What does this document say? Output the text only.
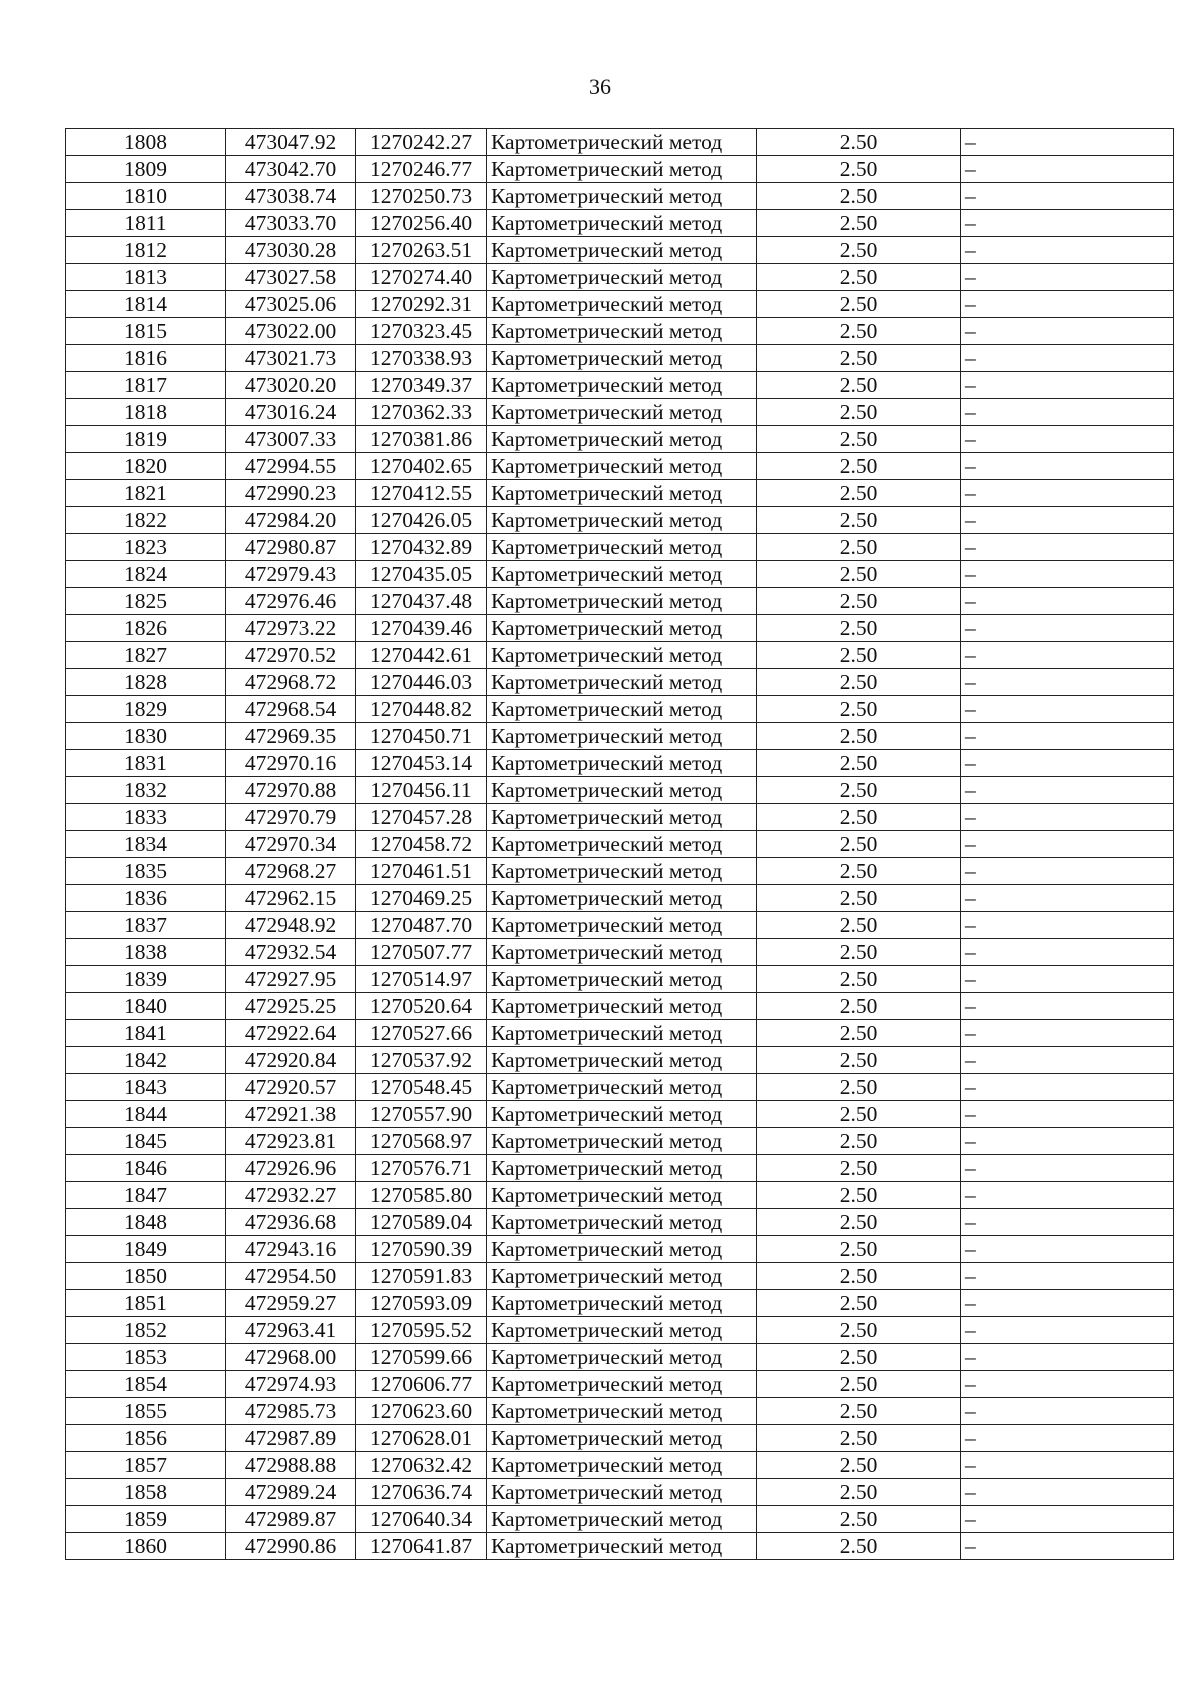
36
1808	473047.92	1270242.27	Картометрический метод	2.50	–
1809	473042.70	1270246.77	Картометрический метод	2.50	–
1810	473038.74	1270250.73	Картометрический метод	2.50	–
1811	473033.70	1270256.40	Картометрический метод	2.50	–
1812	473030.28	1270263.51	Картометрический метод	2.50	–
1813	473027.58	1270274.40	Картометрический метод	2.50	–
1814	473025.06	1270292.31	Картометрический метод	2.50	–
1815	473022.00	1270323.45	Картометрический метод	2.50	–
1816	473021.73	1270338.93	Картометрический метод	2.50	–
1817	473020.20	1270349.37	Картометрический метод	2.50	–
1818	473016.24	1270362.33	Картометрический метод	2.50	–
1819	473007.33	1270381.86	Картометрический метод	2.50	–
1820	472994.55	1270402.65	Картометрический метод	2.50	–
1821	472990.23	1270412.55	Картометрический метод	2.50	–
1822	472984.20	1270426.05	Картометрический метод	2.50	–
1823	472980.87	1270432.89	Картометрический метод	2.50	–
1824	472979.43	1270435.05	Картометрический метод	2.50	–
1825	472976.46	1270437.48	Картометрический метод	2.50	–
1826	472973.22	1270439.46	Картометрический метод	2.50	–
1827	472970.52	1270442.61	Картометрический метод	2.50	–
1828	472968.72	1270446.03	Картометрический метод	2.50	–
1829	472968.54	1270448.82	Картометрический метод	2.50	–
1830	472969.35	1270450.71	Картометрический метод	2.50	–
1831	472970.16	1270453.14	Картометрический метод	2.50	–
1832	472970.88	1270456.11	Картометрический метод	2.50	–
1833	472970.79	1270457.28	Картометрический метод	2.50	–
1834	472970.34	1270458.72	Картометрический метод	2.50	–
1835	472968.27	1270461.51	Картометрический метод	2.50	–
1836	472962.15	1270469.25	Картометрический метод	2.50	–
1837	472948.92	1270487.70	Картометрический метод	2.50	–
1838	472932.54	1270507.77	Картометрический метод	2.50	–
1839	472927.95	1270514.97	Картометрический метод	2.50	–
1840	472925.25	1270520.64	Картометрический метод	2.50	–
1841	472922.64	1270527.66	Картометрический метод	2.50	–
1842	472920.84	1270537.92	Картометрический метод	2.50	–
1843	472920.57	1270548.45	Картометрический метод	2.50	–
1844	472921.38	1270557.90	Картометрический метод	2.50	–
1845	472923.81	1270568.97	Картометрический метод	2.50	–
1846	472926.96	1270576.71	Картометрический метод	2.50	–
1847	472932.27	1270585.80	Картометрический метод	2.50	–
1848	472936.68	1270589.04	Картометрический метод	2.50	–
1849	472943.16	1270590.39	Картометрический метод	2.50	–
1850	472954.50	1270591.83	Картометрический метод	2.50	–
1851	472959.27	1270593.09	Картометрический метод	2.50	–
1852	472963.41	1270595.52	Картометрический метод	2.50	–
1853	472968.00	1270599.66	Картометрический метод	2.50	–
1854	472974.93	1270606.77	Картометрический метод	2.50	–
1855	472985.73	1270623.60	Картометрический метод	2.50	–
1856	472987.89	1270628.01	Картометрический метод	2.50	–
1857	472988.88	1270632.42	Картометрический метод	2.50	–
1858	472989.24	1270636.74	Картометрический метод	2.50	–
1859	472989.87	1270640.34	Картометрический метод	2.50	–
1860	472990.86	1270641.87	Картометрический метод	2.50	–
